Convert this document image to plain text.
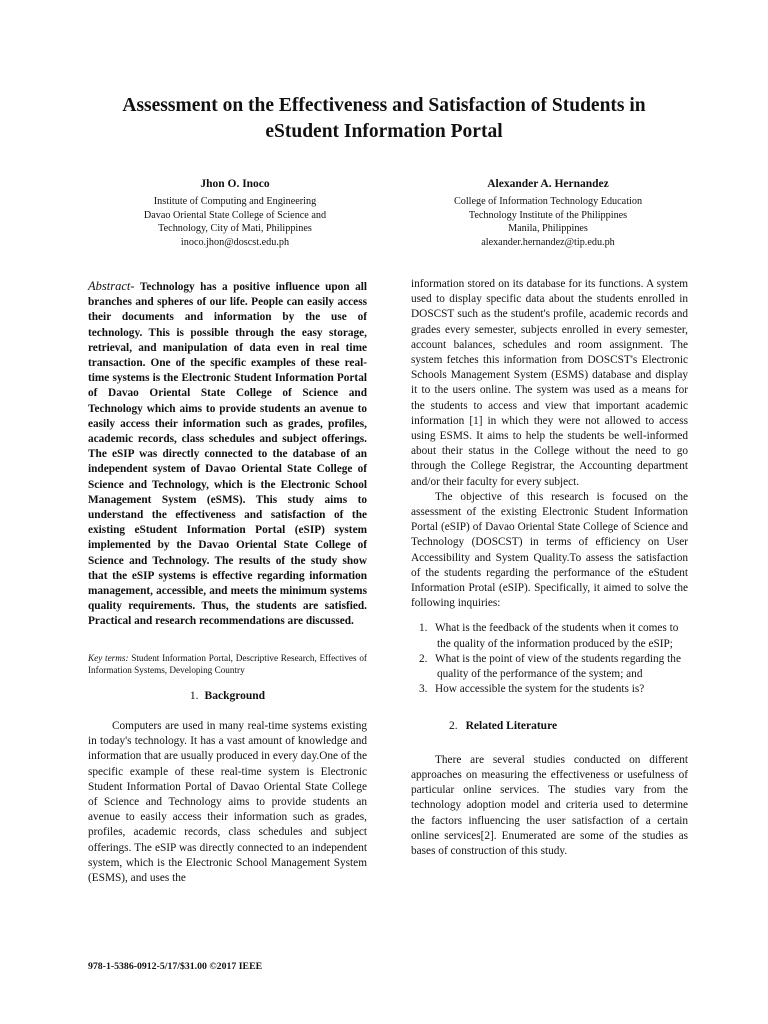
Assessment on the Effectiveness and Satisfaction of Students in
eStudent Information Portal
Jhon O. Inoco
Institute of Computing and Engineering
Davao Oriental State College of Science and
Technology, City of Mati, Philippines
inoco.jhon@doscst.edu.ph
Alexander A. Hernandez
College of Information Technology Education
Technology Institute of the Philippines
Manila, Philippines
alexander.hernandez@tip.edu.ph

Abstract- Technology has a positive influence upon all branches and spheres of our life. People can easily access their documents and information by the use of technology. This is possible through the easy storage, retrieval, and manipulation of data even in real time transaction. One of the specific examples of these real-time systems is the Electronic Student Information Portal of Davao Oriental State College of Science and Technology which aims to provide students an avenue to easily access their information such as grades, profiles, academic records, class schedules and subject offerings. The eSIP was directly connected to the database of an independent system of Davao Oriental State College of Science and Technology, which is the Electronic School Management System (eSMS). This study aims to understand the effectiveness and satisfaction of the existing eStudent Information Portal (eSIP) system implemented by the Davao Oriental State College of Science and Technology. The results of the study show that the eSIP systems is effective regarding information management, accessible, and meets the minimum systems quality requirements. Thus, the students are satisfied. Practical and research recommendations are discussed.

Key terms: Student Information Portal, Descriptive Research, Effectives of Information Systems, Developing Country

1. Background

Computers are used in many real-time systems existing in today's technology. It has a vast amount of knowledge and information that are usually produced in every day.One of the specific example of these real-time system is Electronic Student Information Portal of Davao Oriental State College of Science and Technology aims to provide students an avenue to easily access their information such as grades, profiles, academic records, class schedules and subject offerings. The eSIP was directly connected to an independent system, which is the Electronic School Management System (ESMS), and uses the

information stored on its database for its functions. A system used to display specific data about the students enrolled in DOSCST such as the student's profile, academic records and grades every semester, subjects enrolled in every semester, account balances, schedules and room assignment. The system fetches this information from DOSCST's Electronic Schools Management System (ESMS) database and display it to the users online. The system was used as a means for the students to access and view that important academic information [1] in which they were not allowed to access using ESMS. It aims to help the students be well-informed about their status in the College without the need to go through the College Registrar, the Accounting department and/or their faculty for every subject.

The objective of this research is focused on the assessment of the existing Electronic Student Information Portal (eSIP) of Davao Oriental State College of Science and Technology (DOSCST) in terms of efficiency on User Accessibility and System Quality.To assess the satisfaction of the students regarding the performance of the eStudent Information Protal (eSIP). Specifically, it aimed to solve the following inquiries:

1. What is the feedback of the students when it comes to the quality of the information produced by the eSIP;
2. What is the point of view of the students regarding the quality of the performance of the system; and
3. How accessible the system for the students is?
2. Related Literature

There are several studies conducted on different approaches on measuring the effectiveness or usefulness of particular online services. The studies vary from the technology adoption model and criteria used to determine the factors influencing the user satisfaction of a certain online services[2]. Enumerated are some of the studies as bases of construction of this study.

978-1-5386-0912-5/17/$31.00 ©2017 IEEE
